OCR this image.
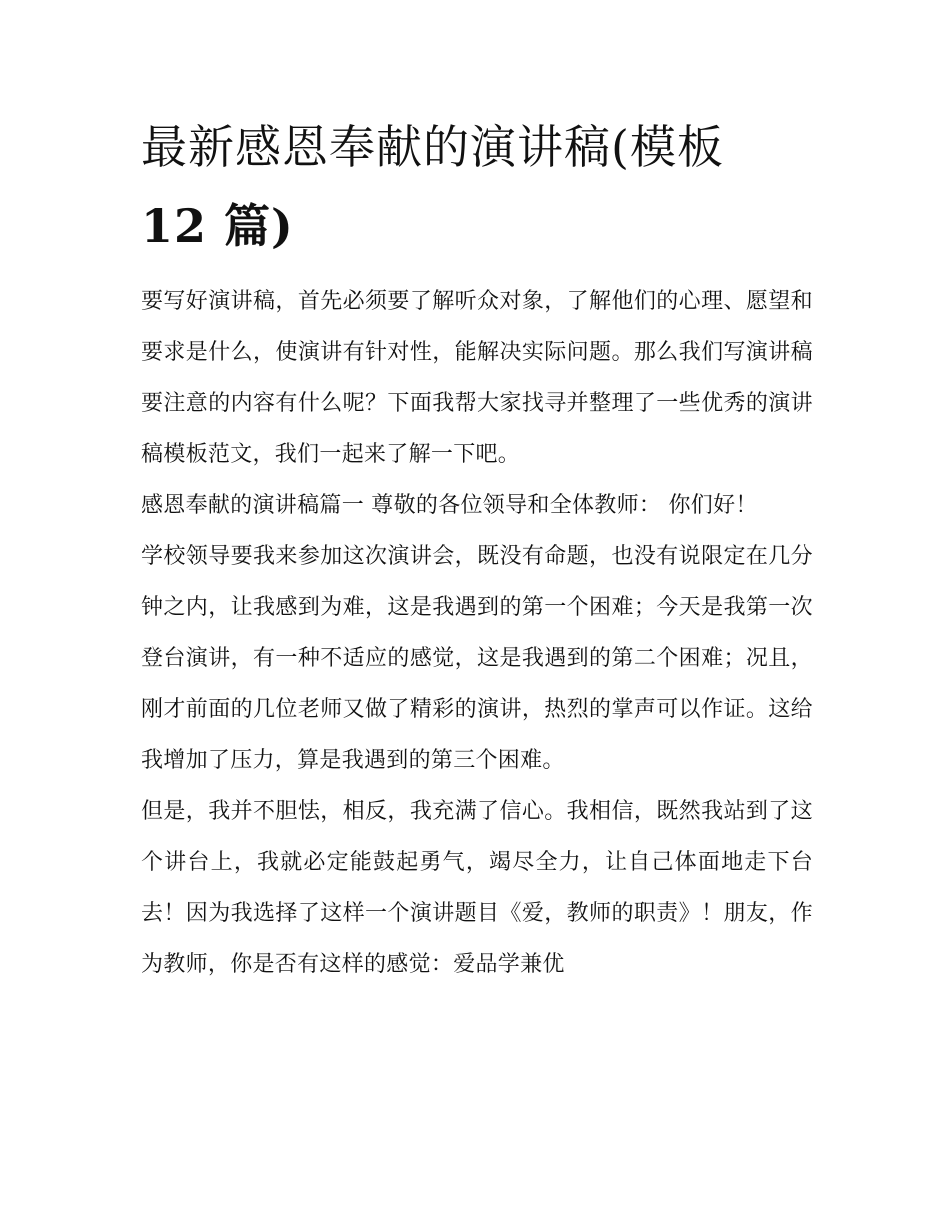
最新感恩奉献的演讲稿(模板
12 篇)

要写好演讲稿，首先必须要了解听众对象，了解他们的心理、愿望和要求是什么，使演讲有针对性，能解决实际问题。那么我们写演讲稿要注意的内容有什么呢？下面我帮大家找寻并整理了一些优秀的演讲稿模板范文，我们一起来了解一下吧。

感恩奉献的演讲稿篇一 尊敬的各位领导和全体教师： 你们好！

学校领导要我来参加这次演讲会，既没有命题，也没有说限定在几分钟之内，让我感到为难，这是我遇到的第一个困难；今天是我第一次登台演讲，有一种不适应的感觉，这是我遇到的第二个困难；况且，刚才前面的几位老师又做了精彩的演讲，热烈的掌声可以作证。这给我增加了压力，算是我遇到的第三个困难。

但是，我并不胆怯，相反，我充满了信心。我相信，既然我站到了这个讲台上，我就必定能鼓起勇气，竭尽全力，让自己体面地走下台去！因为我选择了这样一个演讲题目《爱，教师的职责》！朋友，作为教师，你是否有这样的感觉：爱品学兼优
